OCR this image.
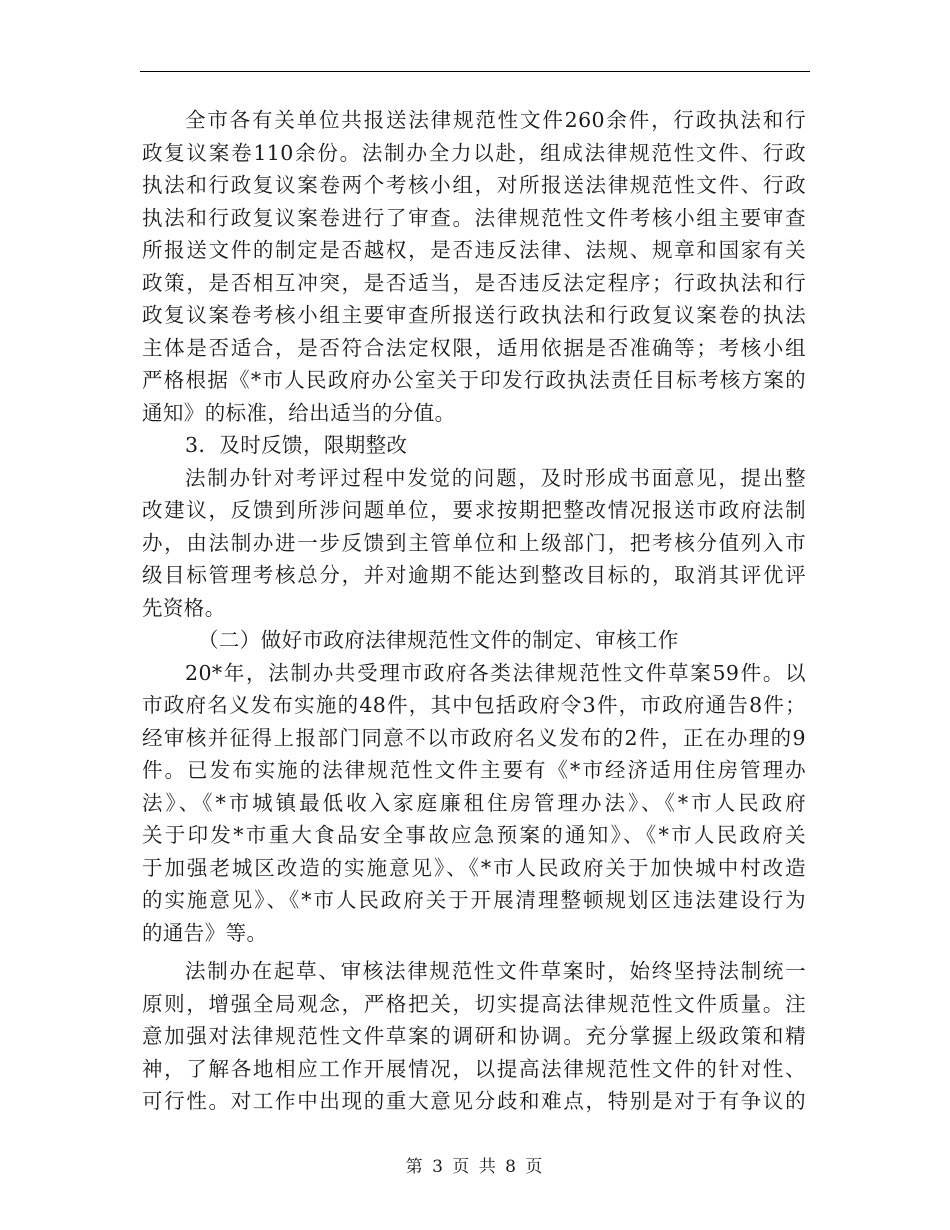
全市各有关单位共报送法律规范性文件260余件，行政执法和行
政复议案卷110余份。法制办全力以赴，组成法律规范性文件、行政
执法和行政复议案卷两个考核小组，对所报送法律规范性文件、行政
执法和行政复议案卷进行了审查。法律规范性文件考核小组主要审查
所报送文件的制定是否越权，是否违反法律、法规、规章和国家有关
政策，是否相互冲突，是否适当，是否违反法定程序；行政执法和行
政复议案卷考核小组主要审查所报送行政执法和行政复议案卷的执法
主体是否适合，是否符合法定权限，适用依据是否准确等；考核小组
严格根据《*市人民政府办公室关于印发行政执法责任目标考核方案的
通知》的标准，给出适当的分值。
3．及时反馈，限期整改
法制办针对考评过程中发觉的问题，及时形成书面意见，提出整
改建议，反馈到所涉问题单位，要求按期把整改情况报送市政府法制
办，由法制办进一步反馈到主管单位和上级部门，把考核分值列入市
级目标管理考核总分，并对逾期不能达到整改目标的，取消其评优评
先资格。
（二）做好市政府法律规范性文件的制定、审核工作
20*年，法制办共受理市政府各类法律规范性文件草案59件。以
市政府名义发布实施的48件，其中包括政府令3件，市政府通告8件；
经审核并征得上报部门同意不以市政府名义发布的2件，正在办理的9
件。已发布实施的法律规范性文件主要有《*市经济适用住房管理办
法》、《*市城镇最低收入家庭廉租住房管理办法》、《*市人民政府
关于印发*市重大食品安全事故应急预案的通知》、《*市人民政府关
于加强老城区改造的实施意见》、《*市人民政府关于加快城中村改造
的实施意见》、《*市人民政府关于开展清理整顿规划区违法建设行为
的通告》等。
法制办在起草、审核法律规范性文件草案时，始终坚持法制统一
原则，增强全局观念，严格把关，切实提高法律规范性文件质量。注
意加强对法律规范性文件草案的调研和协调。充分掌握上级政策和精
神，了解各地相应工作开展情况，以提高法律规范性文件的针对性、
可行性。对工作中出现的重大意见分歧和难点，特别是对于有争议的
第 3 页 共 8 页
